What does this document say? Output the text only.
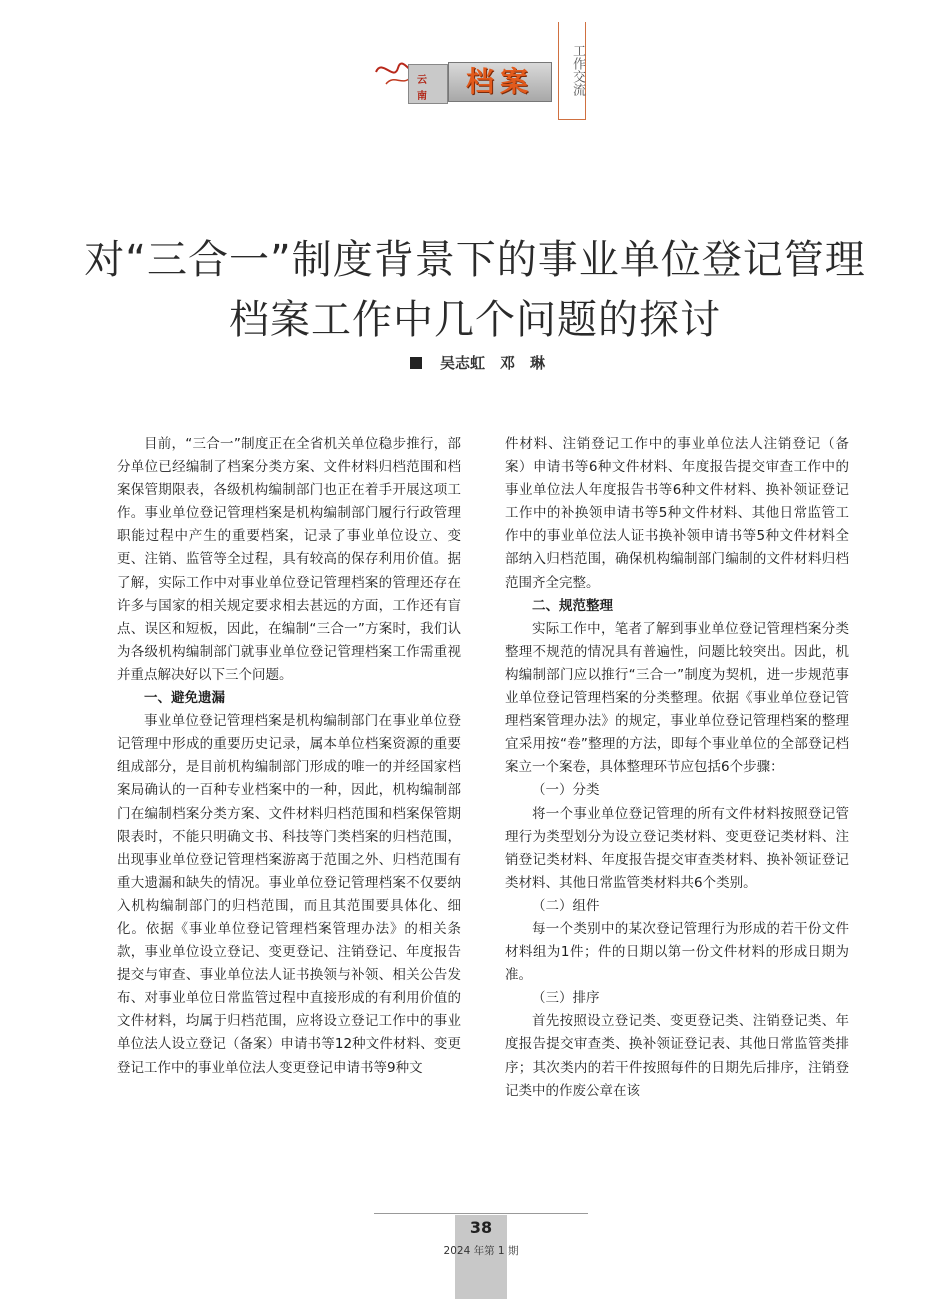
云
南	档案	工作交流
对“三合一”制度背景下的事业单位登记管理
档案工作中几个问题的探讨
吴志虹　邓　琳

目前，“三合一”制度正在全省机关单位稳步推行，部分单位已经编制了档案分类方案、文件材料归档范围和档案保管期限表，各级机构编制部门也正在着手开展这项工作。事业单位登记管理档案是机构编制部门履行行政管理职能过程中产生的重要档案，记录了事业单位设立、变更、注销、监管等全过程，具有较高的保存利用价值。据了解，实际工作中对事业单位登记管理档案的管理还存在许多与国家的相关规定要求相去甚远的方面，工作还有盲点、误区和短板，因此，在编制“三合一”方案时，我们认为各级机构编制部门就事业单位登记管理档案工作需重视并重点解决好以下三个问题。

一、避免遗漏

事业单位登记管理档案是机构编制部门在事业单位登记管理中形成的重要历史记录，属本单位档案资源的重要组成部分，是目前机构编制部门形成的唯一的并经国家档案局确认的一百种专业档案中的一种，因此，机构编制部门在编制档案分类方案、文件材料归档范围和档案保管期限表时，不能只明确文书、科技等门类档案的归档范围，出现事业单位登记管理档案游离于范围之外、归档范围有重大遗漏和缺失的情况。事业单位登记管理档案不仅要纳入机构编制部门的归档范围，而且其范围要具体化、细化。依据《事业单位登记管理档案管理办法》的相关条款，事业单位设立登记、变更登记、注销登记、年度报告提交与审查、事业单位法人证书换领与补领、相关公告发布、对事业单位日常监管过程中直接形成的有利用价值的文件材料，均属于归档范围，应将设立登记工作中的事业单位法人设立登记（备案）申请书等12种文件材料、变更登记工作中的事业单位法人变更登记申请书等9种文

件材料、注销登记工作中的事业单位法人注销登记（备案）申请书等6种文件材料、年度报告提交审查工作中的事业单位法人年度报告书等6种文件材料、换补领证登记工作中的补换领申请书等5种文件材料、其他日常监管工作中的事业单位法人证书换补领申请书等5种文件材料全部纳入归档范围，确保机构编制部门编制的文件材料归档范围齐全完整。

二、规范整理

实际工作中，笔者了解到事业单位登记管理档案分类整理不规范的情况具有普遍性，问题比较突出。因此，机构编制部门应以推行“三合一”制度为契机，进一步规范事业单位登记管理档案的分类整理。依据《事业单位登记管理档案管理办法》的规定，事业单位登记管理档案的整理宜采用按“卷”整理的方法，即每个事业单位的全部登记档案立一个案卷，具体整理环节应包括6个步骤：

（一）分类

将一个事业单位登记管理的所有文件材料按照登记管理行为类型划分为设立登记类材料、变更登记类材料、注销登记类材料、年度报告提交审查类材料、换补领证登记类材料、其他日常监管类材料共6个类别。

（二）组件

每一个类别中的某次登记管理行为形成的若干份文件材料组为1件；件的日期以第一份文件材料的形成日期为准。

（三）排序

首先按照设立登记类、变更登记类、注销登记类、年度报告提交审查类、换补领证登记表、其他日常监管类排序；其次类内的若干件按照每件的日期先后排序，注销登记类中的作废公章在该

38
2024 年第 1 期
